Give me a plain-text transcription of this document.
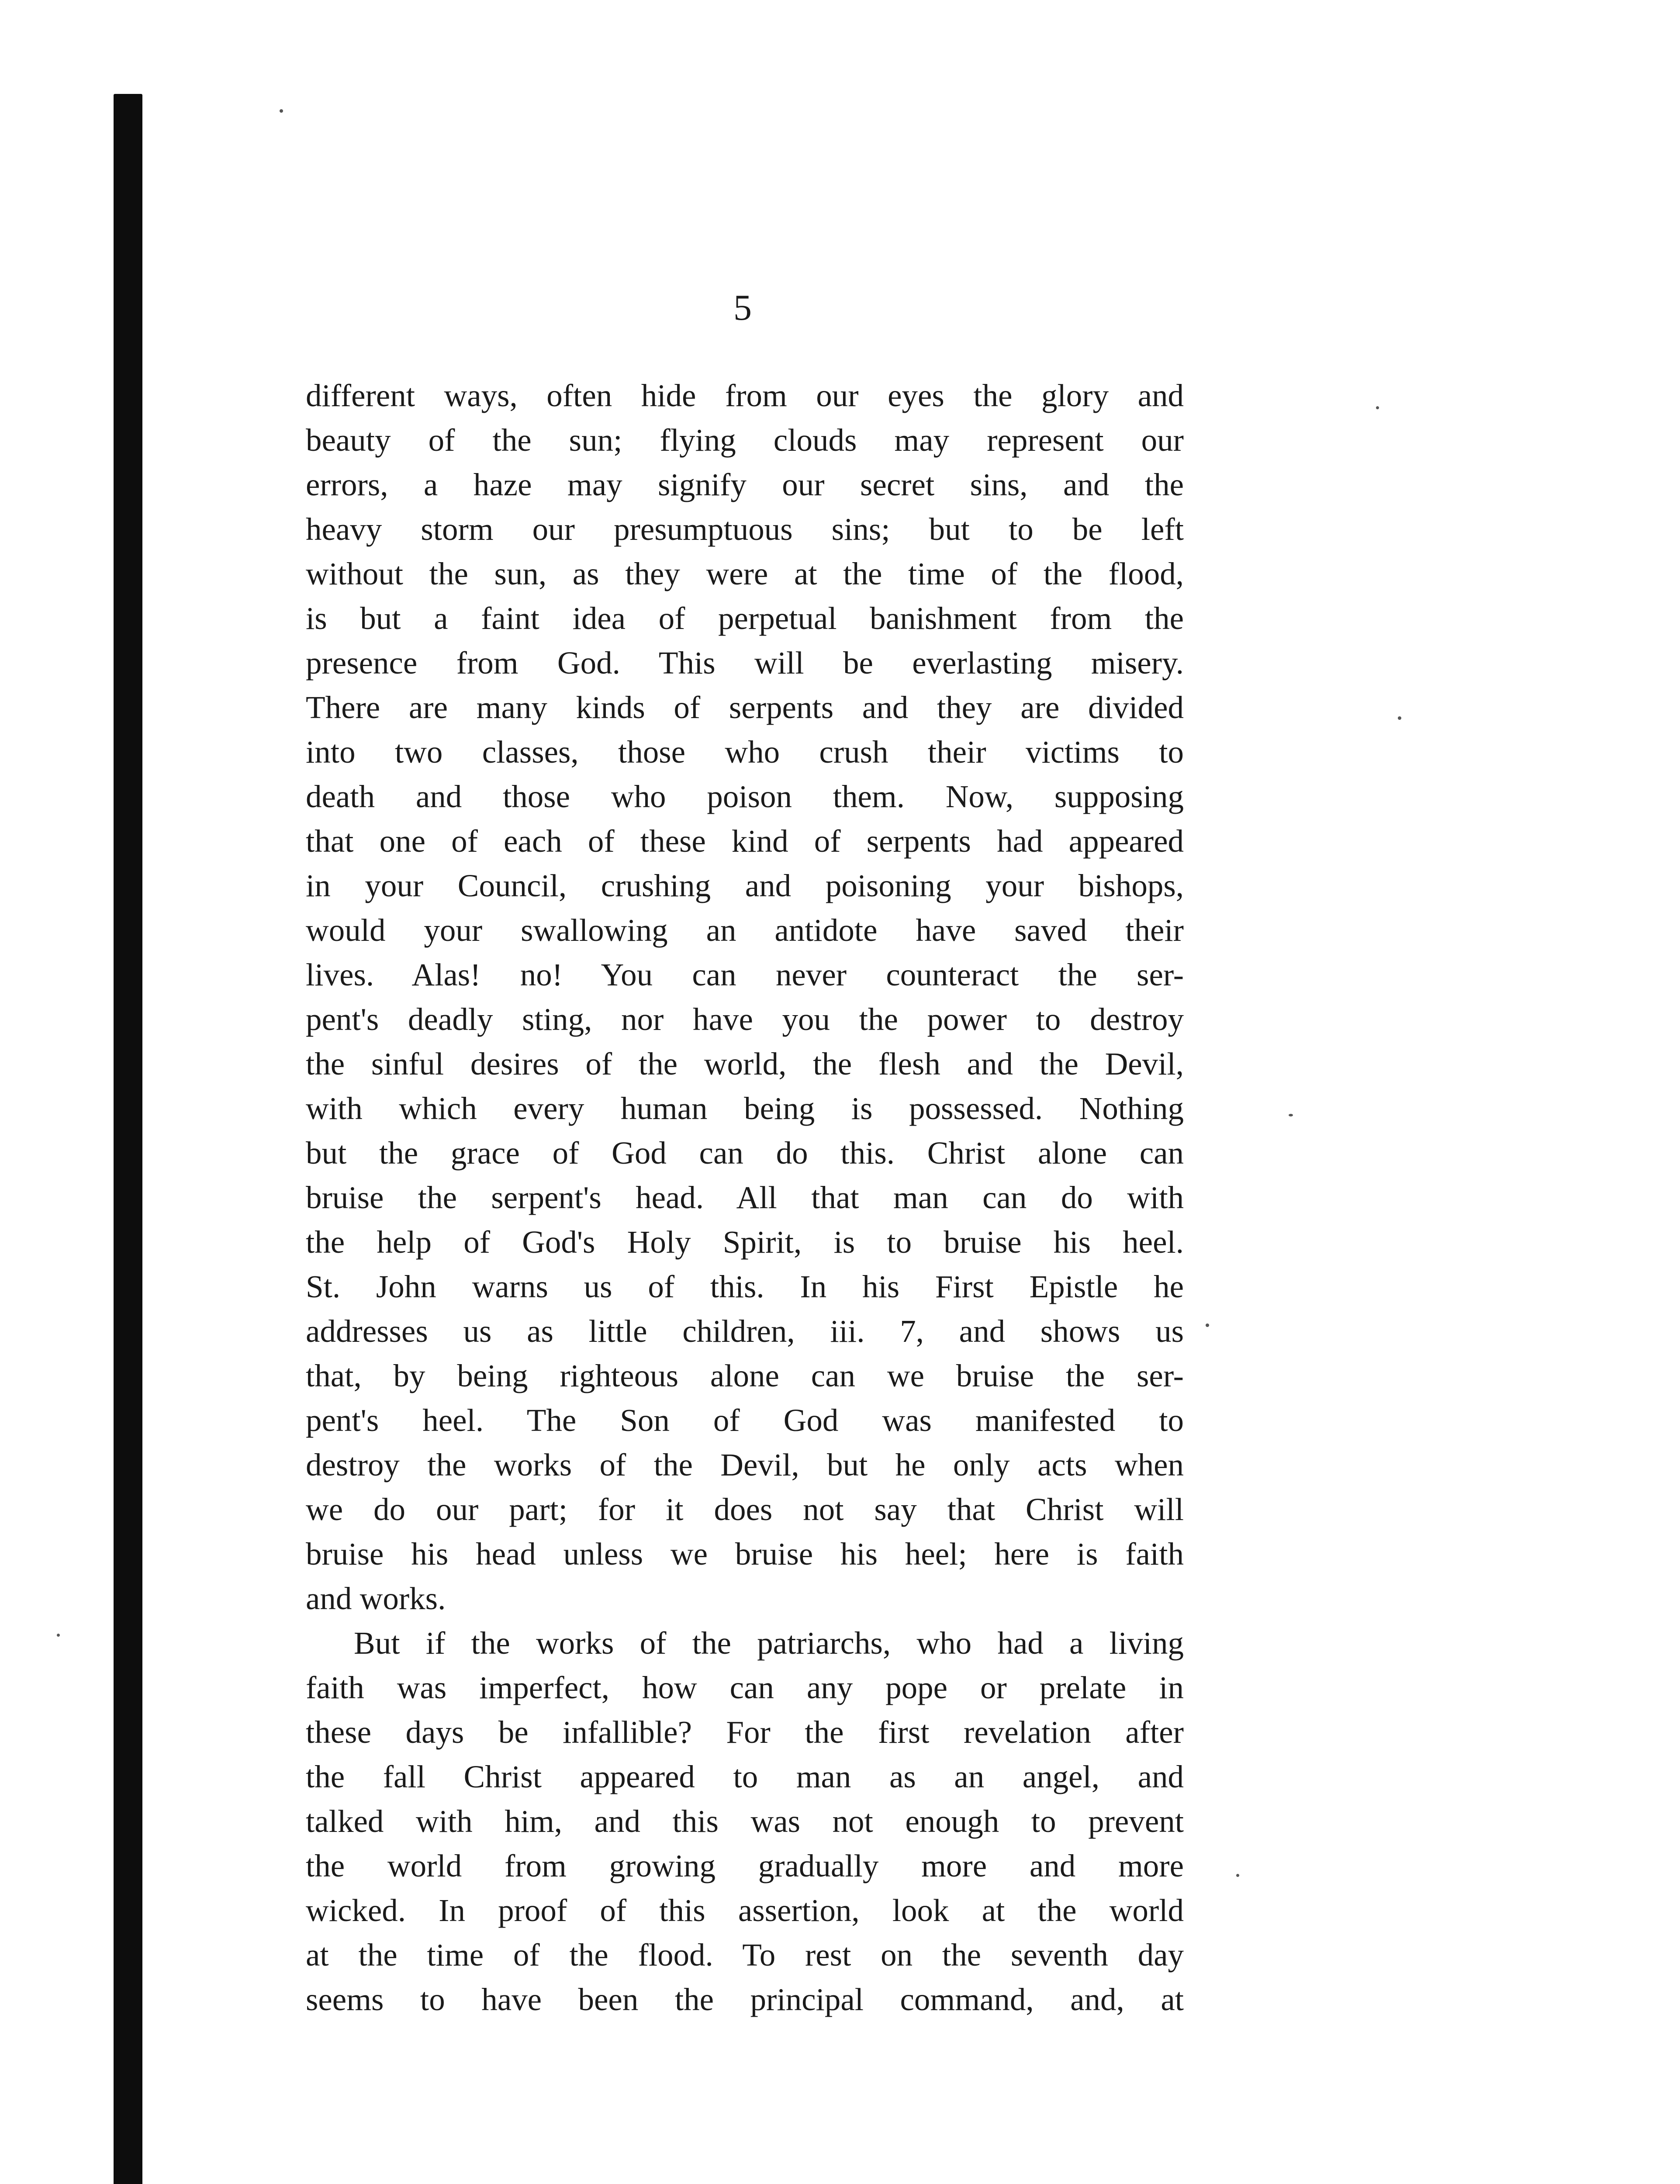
5
different ways, often hide from our eyes the glory and
beauty of the sun; flying clouds may represent our
errors, a haze may signify our secret sins, and the
heavy storm our presumptuous sins; but to be left
without the sun, as they were at the time of the flood,
is but a faint idea of perpetual banishment from the
presence from God. This will be everlasting misery.
There are many kinds of serpents and they are divided
into two classes, those who crush their victims to
death and those who poison them. Now, supposing
that one of each of these kind of serpents had appeared
in your Council, crushing and poisoning your bishops,
would your swallowing an antidote have saved their
lives. Alas! no! You can never counteract the ser-
pent's deadly sting, nor have you the power to destroy
the sinful desires of the world, the flesh and the Devil,
with which every human being is possessed. Nothing
but the grace of God can do this. Christ alone can
bruise the serpent's head. All that man can do with
the help of God's Holy Spirit, is to bruise his heel.
St. John warns us of this. In his First Epistle he
addresses us as little children, iii. 7, and shows us
that, by being righteous alone can we bruise the ser-
pent's heel. The Son of God was manifested to
destroy the works of the Devil, but he only acts when
we do our part; for it does not say that Christ will
bruise his head unless we bruise his heel; here is faith
and works.
But if the works of the patriarchs, who had a living
faith was imperfect, how can any pope or prelate in
these days be infallible? For the first revelation after
the fall Christ appeared to man as an angel, and
talked with him, and this was not enough to prevent
the world from growing gradually more and more
wicked. In proof of this assertion, look at the world
at the time of the flood. To rest on the seventh day
seems to have been the principal command, and, at
